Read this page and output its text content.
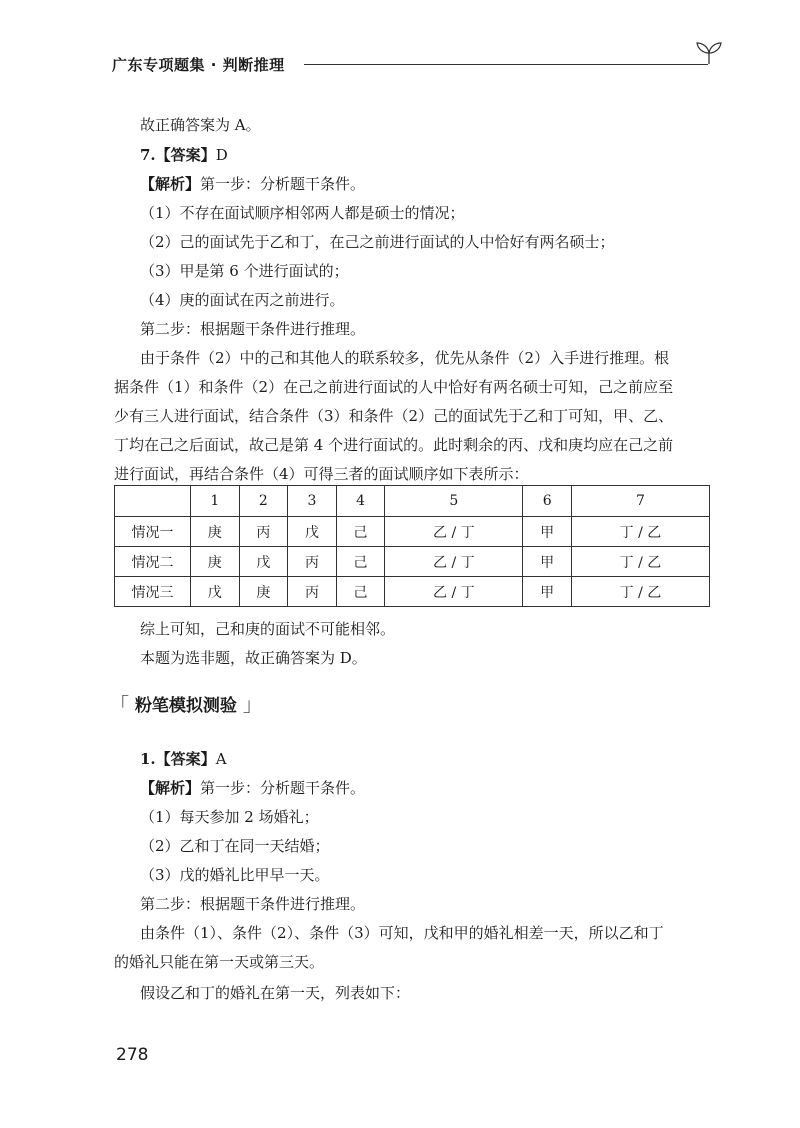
广东专项题集 · 判断推理
故正确答案为 A。
7.【答案】D
【解析】第一步：分析题干条件。
（1）不存在面试顺序相邻两人都是硕士的情况；
（2）己的面试先于乙和丁，在己之前进行面试的人中恰好有两名硕士；
（3）甲是第 6 个进行面试的；
（4）庚的面试在丙之前进行。
第二步：根据题干条件进行推理。
由于条件（2）中的己和其他人的联系较多，优先从条件（2）入手进行推理。根
据条件（1）和条件（2）在己之前进行面试的人中恰好有两名硕士可知，己之前应至
少有三人进行面试，结合条件（3）和条件（2）己的面试先于乙和丁可知，甲、乙、
丁均在己之后面试，故己是第 4 个进行面试的。此时剩余的丙、戊和庚均应在己之前
进行面试，再结合条件（4）可得三者的面试顺序如下表所示：
	1	2	3	4	5	6	7
情况一	庚	丙	戊	己	乙 / 丁	甲	丁 / 乙
情况二	庚	戊	丙	己	乙 / 丁	甲	丁 / 乙
情况三	戊	庚	丙	己	乙 / 丁	甲	丁 / 乙
综上可知，己和庚的面试不可能相邻。
本题为选非题，故正确答案为 D。
「 粉笔模拟测验 」
1.【答案】A
【解析】第一步：分析题干条件。
（1）每天参加 2 场婚礼；
（2）乙和丁在同一天结婚；
（3）戊的婚礼比甲早一天。
第二步：根据题干条件进行推理。
由条件（1）、条件（2）、条件（3）可知，戊和甲的婚礼相差一天，所以乙和丁
的婚礼只能在第一天或第三天。
假设乙和丁的婚礼在第一天，列表如下：
278
